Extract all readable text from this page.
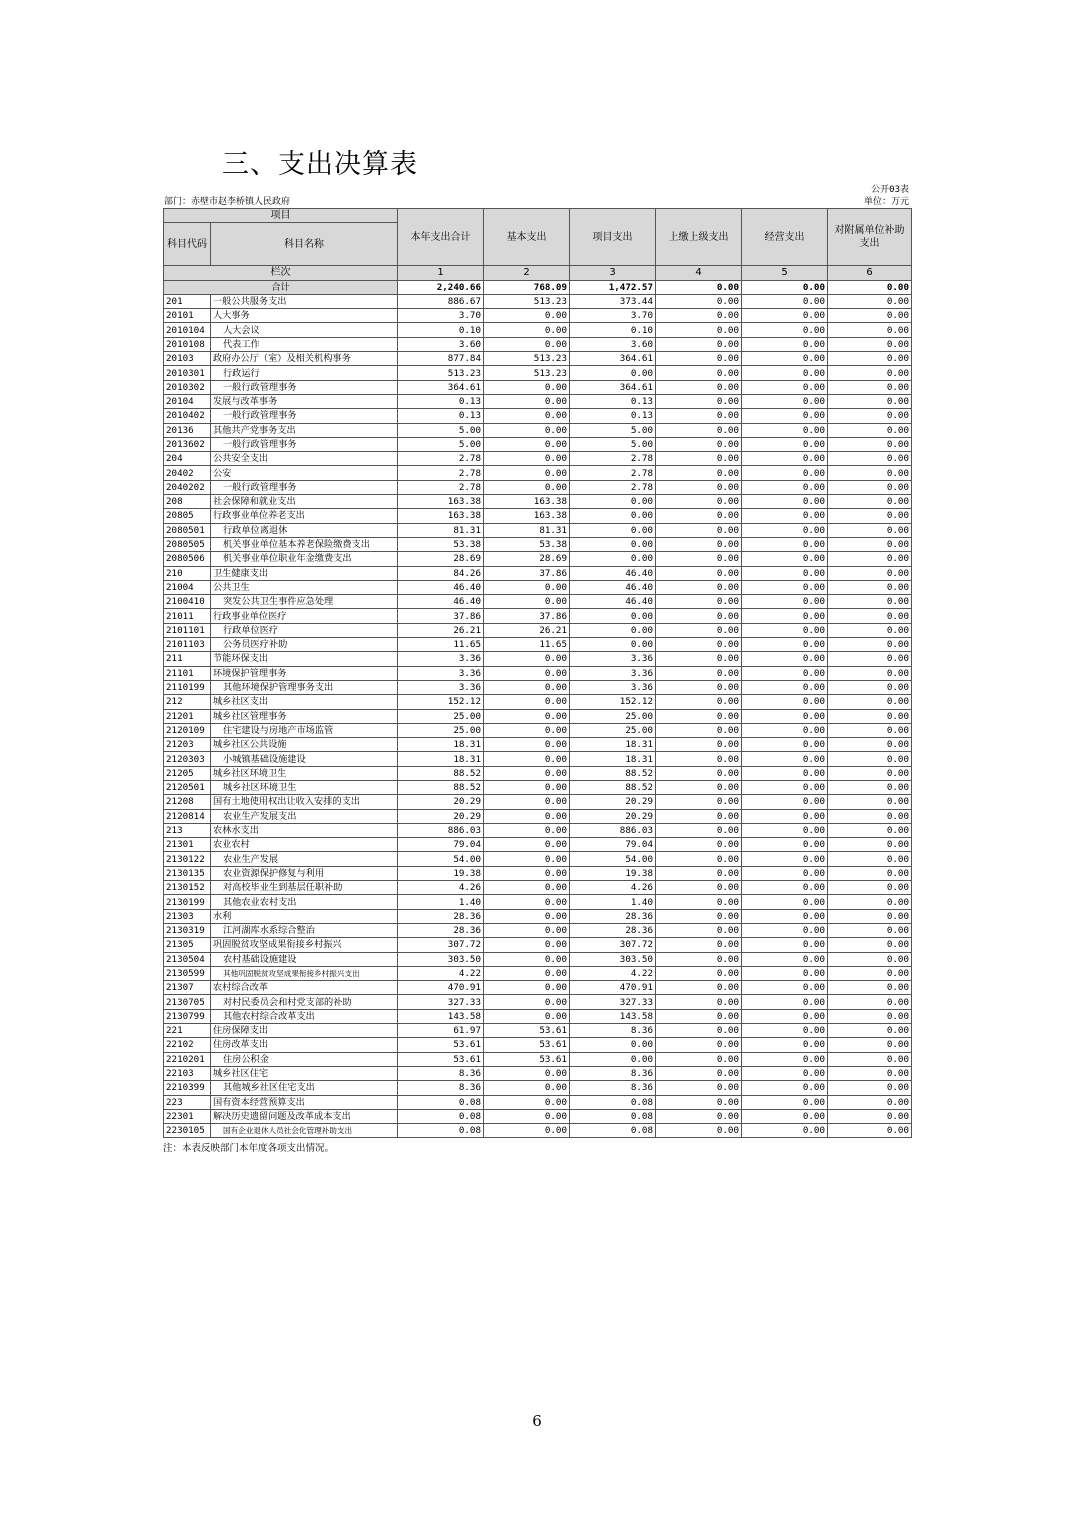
三、支出决算表
公开03表
部门：赤壁市赵李桥镇人民政府	单位：万元
项目		本年支出合计	基本支出	项目支出	上缴上级支出	经营支出	对附属单位补助支出
科目代码	科目名称						
栏次		1	2	3	4	5	6
合计		2,240.66	768.09	1,472.57	0.00	0.00	0.00
201	一般公共服务支出	886.67	513.23	373.44	0.00	0.00	0.00
20101	人大事务	3.70	0.00	3.70	0.00	0.00	0.00
2010104	人大会议	0.10	0.00	0.10	0.00	0.00	0.00
2010108	代表工作	3.60	0.00	3.60	0.00	0.00	0.00
20103	政府办公厅（室）及相关机构事务	877.84	513.23	364.61	0.00	0.00	0.00
2010301	行政运行	513.23	513.23	0.00	0.00	0.00	0.00
2010302	一般行政管理事务	364.61	0.00	364.61	0.00	0.00	0.00
20104	发展与改革事务	0.13	0.00	0.13	0.00	0.00	0.00
2010402	一般行政管理事务	0.13	0.00	0.13	0.00	0.00	0.00
20136	其他共产党事务支出	5.00	0.00	5.00	0.00	0.00	0.00
2013602	一般行政管理事务	5.00	0.00	5.00	0.00	0.00	0.00
204	公共安全支出	2.78	0.00	2.78	0.00	0.00	0.00
20402	公安	2.78	0.00	2.78	0.00	0.00	0.00
2040202	一般行政管理事务	2.78	0.00	2.78	0.00	0.00	0.00
208	社会保障和就业支出	163.38	163.38	0.00	0.00	0.00	0.00
20805	行政事业单位养老支出	163.38	163.38	0.00	0.00	0.00	0.00
2080501	行政单位离退休	81.31	81.31	0.00	0.00	0.00	0.00
2080505	机关事业单位基本养老保险缴费支出	53.38	53.38	0.00	0.00	0.00	0.00
2080506	机关事业单位职业年金缴费支出	28.69	28.69	0.00	0.00	0.00	0.00
210	卫生健康支出	84.26	37.86	46.40	0.00	0.00	0.00
21004	公共卫生	46.40	0.00	46.40	0.00	0.00	0.00
2100410	突发公共卫生事件应急处理	46.40	0.00	46.40	0.00	0.00	0.00
21011	行政事业单位医疗	37.86	37.86	0.00	0.00	0.00	0.00
2101101	行政单位医疗	26.21	26.21	0.00	0.00	0.00	0.00
2101103	公务员医疗补助	11.65	11.65	0.00	0.00	0.00	0.00
211	节能环保支出	3.36	0.00	3.36	0.00	0.00	0.00
21101	环境保护管理事务	3.36	0.00	3.36	0.00	0.00	0.00
2110199	其他环境保护管理事务支出	3.36	0.00	3.36	0.00	0.00	0.00
212	城乡社区支出	152.12	0.00	152.12	0.00	0.00	0.00
21201	城乡社区管理事务	25.00	0.00	25.00	0.00	0.00	0.00
2120109	住宅建设与房地产市场监管	25.00	0.00	25.00	0.00	0.00	0.00
21203	城乡社区公共设施	18.31	0.00	18.31	0.00	0.00	0.00
2120303	小城镇基础设施建设	18.31	0.00	18.31	0.00	0.00	0.00
21205	城乡社区环境卫生	88.52	0.00	88.52	0.00	0.00	0.00
2120501	城乡社区环境卫生	88.52	0.00	88.52	0.00	0.00	0.00
21208	国有土地使用权出让收入安排的支出	20.29	0.00	20.29	0.00	0.00	0.00
2120814	农业生产发展支出	20.29	0.00	20.29	0.00	0.00	0.00
213	农林水支出	886.03	0.00	886.03	0.00	0.00	0.00
21301	农业农村	79.04	0.00	79.04	0.00	0.00	0.00
2130122	农业生产发展	54.00	0.00	54.00	0.00	0.00	0.00
2130135	农业资源保护修复与利用	19.38	0.00	19.38	0.00	0.00	0.00
2130152	对高校毕业生到基层任职补助	4.26	0.00	4.26	0.00	0.00	0.00
2130199	其他农业农村支出	1.40	0.00	1.40	0.00	0.00	0.00
21303	水利	28.36	0.00	28.36	0.00	0.00	0.00
2130319	江河湖库水系综合整治	28.36	0.00	28.36	0.00	0.00	0.00
21305	巩固脱贫攻坚成果衔接乡村振兴	307.72	0.00	307.72	0.00	0.00	0.00
2130504	农村基础设施建设	303.50	0.00	303.50	0.00	0.00	0.00
2130599	其他巩固脱贫攻坚成果衔接乡村振兴支出	4.22	0.00	4.22	0.00	0.00	0.00
21307	农村综合改革	470.91	0.00	470.91	0.00	0.00	0.00
2130705	对村民委员会和村党支部的补助	327.33	0.00	327.33	0.00	0.00	0.00
2130799	其他农村综合改革支出	143.58	0.00	143.58	0.00	0.00	0.00
221	住房保障支出	61.97	53.61	8.36	0.00	0.00	0.00
22102	住房改革支出	53.61	53.61	0.00	0.00	0.00	0.00
2210201	住房公积金	53.61	53.61	0.00	0.00	0.00	0.00
22103	城乡社区住宅	8.36	0.00	8.36	0.00	0.00	0.00
2210399	其他城乡社区住宅支出	8.36	0.00	8.36	0.00	0.00	0.00
223	国有资本经营预算支出	0.08	0.00	0.08	0.00	0.00	0.00
22301	解决历史遗留问题及改革成本支出	0.08	0.00	0.08	0.00	0.00	0.00
2230105	国有企业退休人员社会化管理补助支出	0.08	0.00	0.08	0.00	0.00	0.00
注：本表反映部门本年度各项支出情况。
6
